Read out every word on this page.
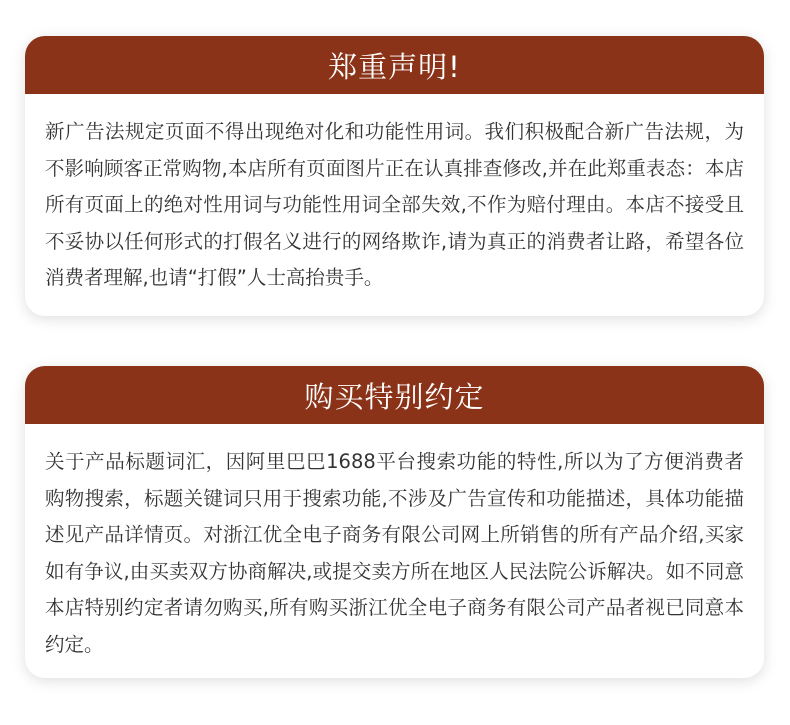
郑重声明!
新广告法规定页面不得出现绝对化和功能性用词。我们积极配合新广告法规，为不影响顾客正常购物,本店所有页面图片正在认真排查修改,并在此郑重表态：本店所有页面上的绝对性用词与功能性用词全部失效,不作为赔付理由。本店不接受且不妥协以任何形式的打假名义进行的网络欺诈,请为真正的消费者让路，希望各位消费者理解,也请“打假”人士高抬贵手。
购买特别约定
关于产品标题词汇，因阿里巴巴1688平台搜索功能的特性,所以为了方便消费者购物搜索，标题关键词只用于搜索功能,不涉及广告宣传和功能描述，具体功能描述见产品详情页。对浙江优全电子商务有限公司网上所销售的所有产品介绍,买家如有争议,由买卖双方协商解决,或提交卖方所在地区人民法院公诉解决。如不同意本店特别约定者请勿购买,所有购买浙江优全电子商务有限公司产品者视已同意本约定。
